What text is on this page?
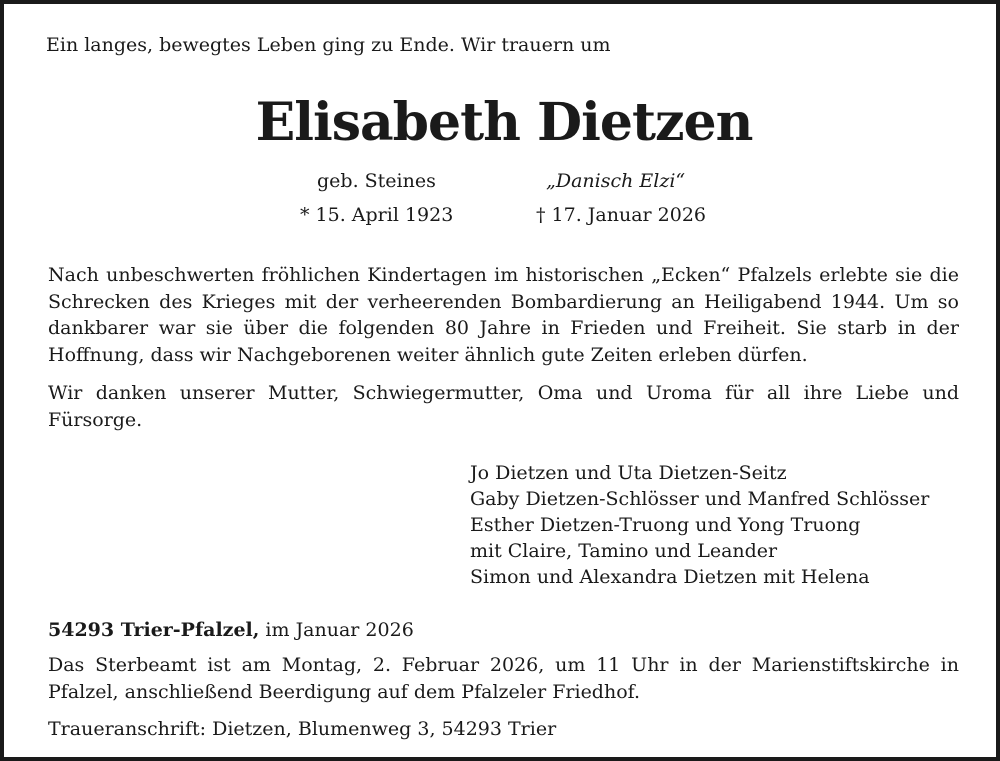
Ein langes, bewegtes Leben ging zu Ende. Wir trauern um
Elisabeth Dietzen
geb. Steines	„Danisch Elzi“
* 15. April 1923	† 17. Januar 2026
Nach unbeschwerten fröhlichen Kindertagen im historischen „Ecken“ Pfalzels erlebte sie die Schrecken des Krieges mit der verheerenden Bombardierung an Heiligabend 1944. Um so dankbarer war sie über die folgenden 80 Jahre in Frieden und Freiheit. Sie starb in der Hoffnung, dass wir Nachgeborenen weiter ähnlich gute Zeiten erleben dürfen.
Wir danken unserer Mutter, Schwiegermutter, Oma und Uroma für all ihre Liebe und Fürsorge.
Jo Dietzen und Uta Dietzen-Seitz
Gaby Dietzen-Schlösser und Manfred Schlösser
Esther Dietzen-Truong und Yong Truong
mit Claire, Tamino und Leander
Simon und Alexandra Dietzen mit Helena
54293 Trier-Pfalzel, im Januar 2026
Das Sterbeamt ist am Montag, 2. Februar 2026, um 11 Uhr in der Marienstiftskirche in Pfalzel, anschließend Beerdigung auf dem Pfalzeler Friedhof.
Traueranschrift: Dietzen, Blumenweg 3, 54293 Trier
